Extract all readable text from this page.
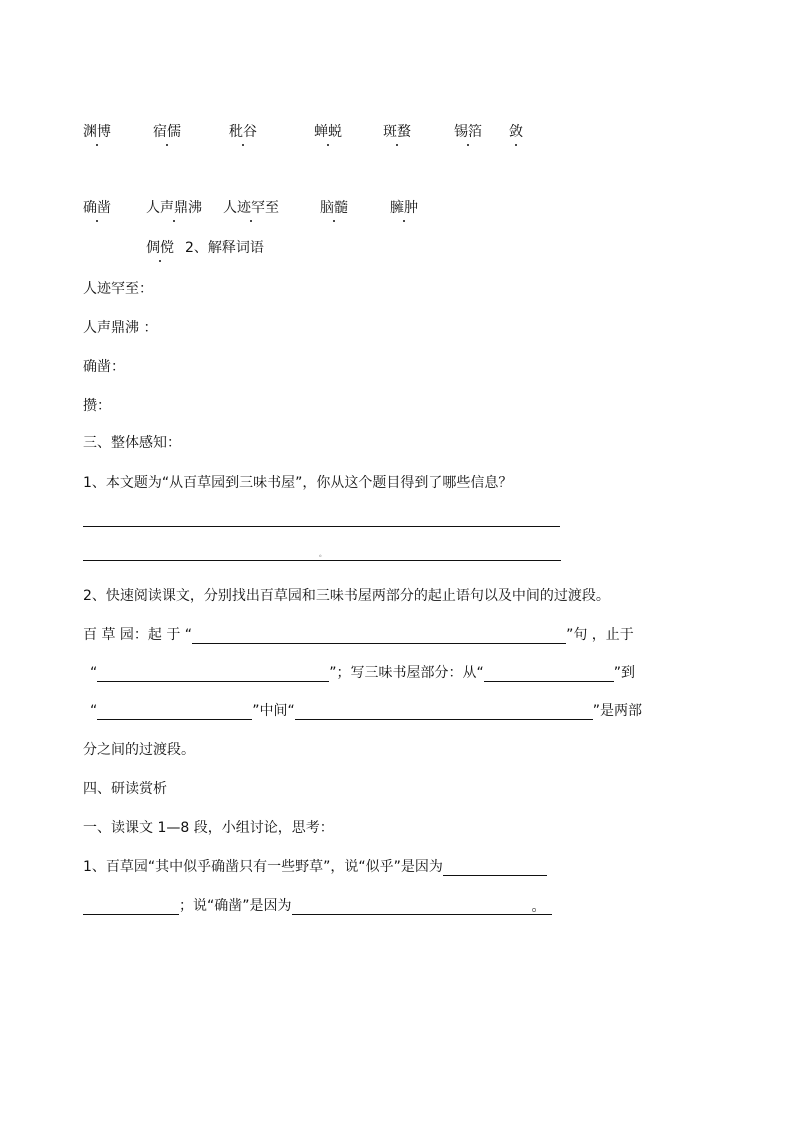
渊博	宿儒	秕谷	蝉蜕	斑蝥	锡箔 敛
确凿	人声鼎沸 人迹罕至	脑髓	臃肿
倜傥 2、解释词语
人迹罕至：
人声鼎沸 ：
确凿：
攒：
三、整体感知：
1、本文题为“从百草园到三味书屋”，你从这个题目得到了哪些信息？
。
2、快速阅读课文，分别找出百草园和三味书屋两部分的起止语句以及中间的过渡段。
百 草 园：起 于 “	”句 ，止于
“	”；写三味书屋部分：从“	”到
“	”中间“	”是两部
分之间的过渡段。
四、研读赏析
一、读课文 1—8 段，小组讨论，思考：
1、百草园“其中似乎确凿只有一些野草”，说“似乎”是因为
；说“确凿”是因为	。
